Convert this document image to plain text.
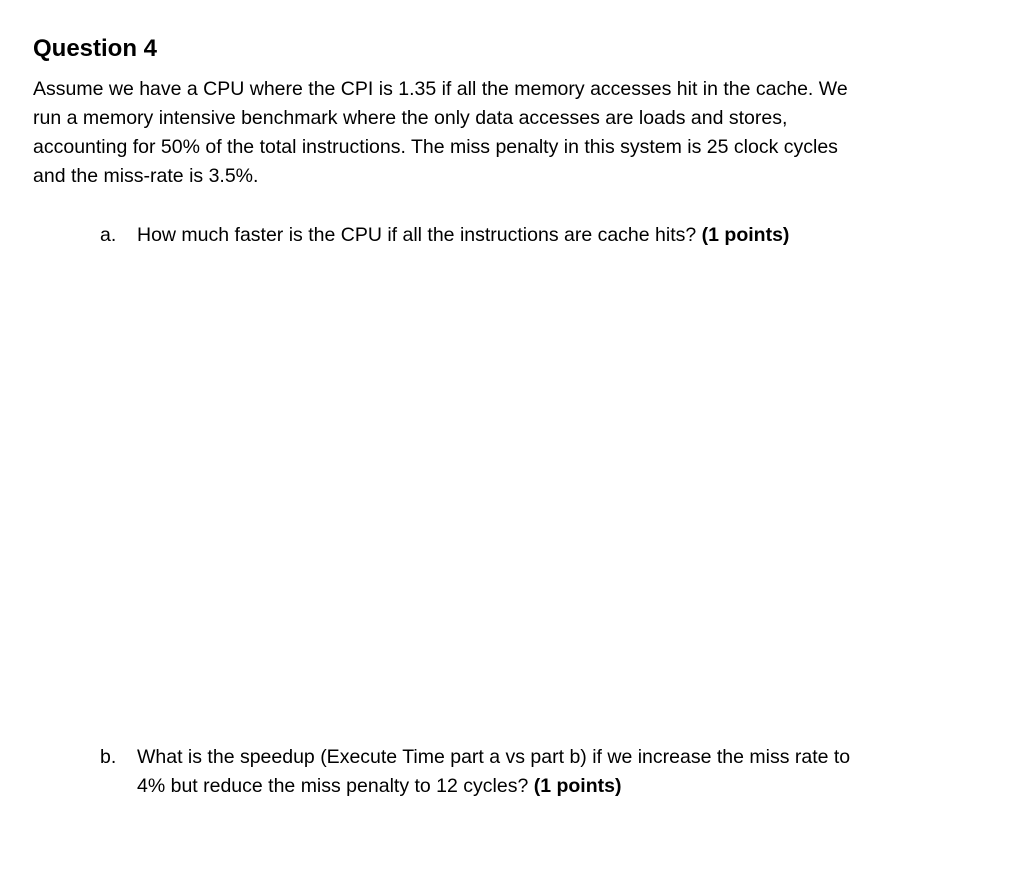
Question 4
Assume we have a CPU where the CPI is 1.35 if all the memory accesses hit in the cache. We
run a memory intensive benchmark where the only data accesses are loads and stores,
accounting for 50% of the total instructions. The miss penalty in this system is 25 clock cycles
and the miss-rate is 3.5%.
a.	How much faster is the CPU if all the instructions are cache hits? (1 points)
b.	What is the speedup (Execute Time part a vs part b) if we increase the miss rate to
4% but reduce the miss penalty to 12 cycles? (1 points)
